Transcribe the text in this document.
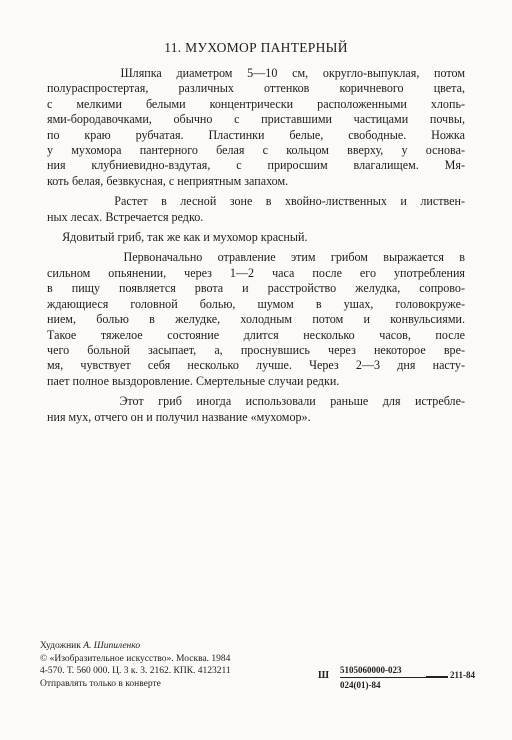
11. МУХОМОР ПАНТЕРНЫЙ

Шляпка диаметром 5—10 см, округло-выпуклая, потом
полураспростертая, различных оттенков коричневого цвета,
с мелкими белыми концентрически расположенными хлопь-
ями-бородавочками, обычно с приставшими частицами почвы,
по краю рубчатая. Пластинки белые, свободные. Ножка
у мухомора пантерного белая с кольцом вверху, у основа-
ния клубниевидно-вздутая, с приросшим влагалищем. Мя-
коть белая, безвкусная, с неприятным запахом.

Растет в лесной зоне в хвойно-лиственных и листвен-
ных лесах. Встречается редко.

Ядовитый гриб, так же как и мухомор красный.

Первоначально отравление этим грибом выражается в
сильном опьянении, через 1—2 часа после его употребления
в пищу появляется рвота и расстройство желудка, сопрово-
ждающиеся головной болью, шумом в ушах, головокруже-
нием, болью в желудке, холодным потом и конвульсиями.
Такое тяжелое состояние длится несколько часов, после
чего больной засыпает, а, проснувшись через некоторое вре-
мя, чувствует себя несколько лучше. Через 2—3 дня насту-
пает полное выздоровление. Смертельные случаи редки.

Этот гриб иногда использовали раньше для истребле-
ния мух, отчего он и получил название «мухомор».

Художник А. Шипиленко
© «Изобразительное искусство». Москва. 1984
4-570. Т. 560 000. Ц. 3 к. 3. 2162. КПК. 4123211
Отправлять только в конверте
Ш 5105060000-023
024(01)-84
211-84
